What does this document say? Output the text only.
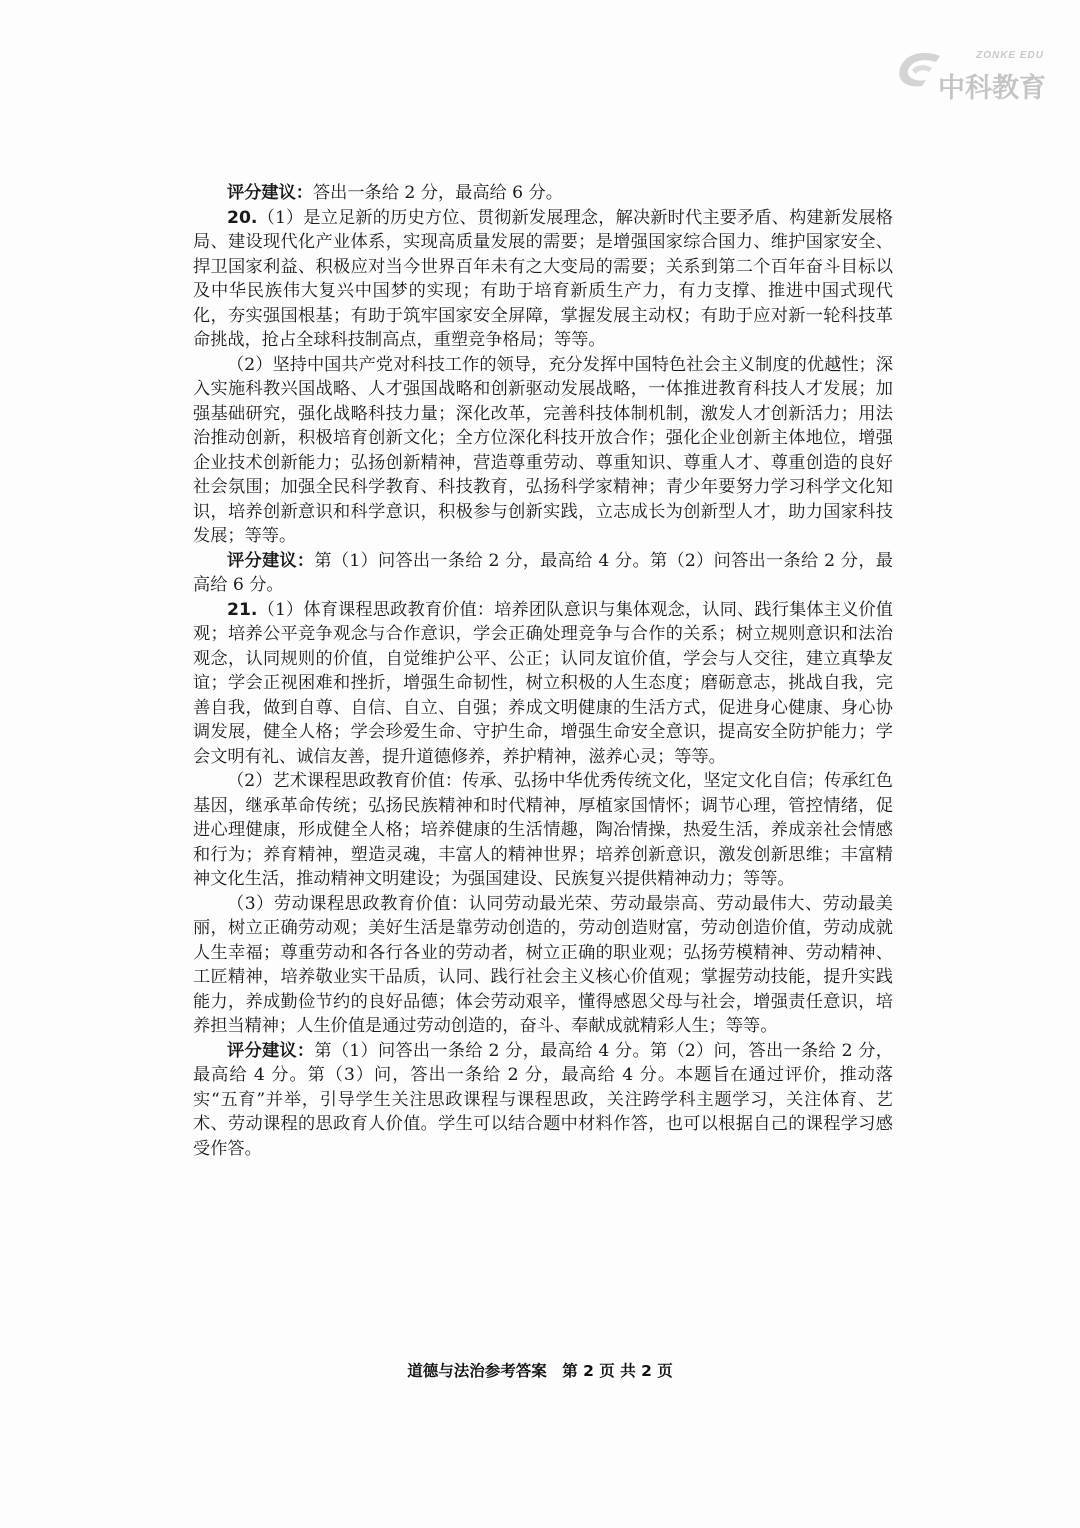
ZONKE EDU
中科教育

评分建议：答出一条给 2 分，最高给 6 分。

20.（1）是立足新的历史方位、贯彻新发展理念，解决新时代主要矛盾、构建新发展格局、建设现代化产业体系，实现高质量发展的需要；是增强国家综合国力、维护国家安全、捍卫国家利益、积极应对当今世界百年未有之大变局的需要；关系到第二个百年奋斗目标以及中华民族伟大复兴中国梦的实现；有助于培育新质生产力，有力支撑、推进中国式现代化，夯实强国根基；有助于筑牢国家安全屏障，掌握发展主动权；有助于应对新一轮科技革命挑战，抢占全球科技制高点，重塑竞争格局；等等。

（2）坚持中国共产党对科技工作的领导，充分发挥中国特色社会主义制度的优越性；深入实施科教兴国战略、人才强国战略和创新驱动发展战略，一体推进教育科技人才发展；加强基础研究，强化战略科技力量；深化改革，完善科技体制机制，激发人才创新活力；用法治推动创新，积极培育创新文化；全方位深化科技开放合作；强化企业创新主体地位，增强企业技术创新能力；弘扬创新精神，营造尊重劳动、尊重知识、尊重人才、尊重创造的良好社会氛围；加强全民科学教育、科技教育，弘扬科学家精神；青少年要努力学习科学文化知识，培养创新意识和科学意识，积极参与创新实践，立志成长为创新型人才，助力国家科技发展；等等。

评分建议：第（1）问答出一条给 2 分，最高给 4 分。第（2）问答出一条给 2 分，最高给 6 分。

21.（1）体育课程思政教育价值：培养团队意识与集体观念，认同、践行集体主义价值观；培养公平竞争观念与合作意识，学会正确处理竞争与合作的关系；树立规则意识和法治观念，认同规则的价值，自觉维护公平、公正；认同友谊价值，学会与人交往，建立真挚友谊；学会正视困难和挫折，增强生命韧性，树立积极的人生态度；磨砺意志，挑战自我，完善自我，做到自尊、自信、自立、自强；养成文明健康的生活方式，促进身心健康、身心协调发展，健全人格；学会珍爱生命、守护生命，增强生命安全意识，提高安全防护能力；学会文明有礼、诚信友善，提升道德修养，养护精神，滋养心灵；等等。

（2）艺术课程思政教育价值：传承、弘扬中华优秀传统文化，坚定文化自信；传承红色基因，继承革命传统；弘扬民族精神和时代精神，厚植家国情怀；调节心理，管控情绪，促进心理健康，形成健全人格；培养健康的生活情趣，陶冶情操，热爱生活，养成亲社会情感和行为；养育精神，塑造灵魂，丰富人的精神世界；培养创新意识，激发创新思维；丰富精神文化生活，推动精神文明建设；为强国建设、民族复兴提供精神动力；等等。

（3）劳动课程思政教育价值：认同劳动最光荣、劳动最崇高、劳动最伟大、劳动最美丽，树立正确劳动观；美好生活是靠劳动创造的，劳动创造财富，劳动创造价值，劳动成就人生幸福；尊重劳动和各行各业的劳动者，树立正确的职业观；弘扬劳模精神、劳动精神、工匠精神，培养敬业实干品质，认同、践行社会主义核心价值观；掌握劳动技能，提升实践能力，养成勤俭节约的良好品德；体会劳动艰辛，懂得感恩父母与社会，增强责任意识，培养担当精神；人生价值是通过劳动创造的，奋斗、奉献成就精彩人生；等等。

评分建议：第（1）问答出一条给 2 分，最高给 4 分。第（2）问，答出一条给 2 分，最高给 4 分。第（3）问，答出一条给 2 分，最高给 4 分。本题旨在通过评价，推动落实“五育”并举，引导学生关注思政课程与课程思政，关注跨学科主题学习，关注体育、艺术、劳动课程的思政育人价值。学生可以结合题中材料作答，也可以根据自己的课程学习感受作答。

道德与法治参考答案　第 2 页 共 2 页
